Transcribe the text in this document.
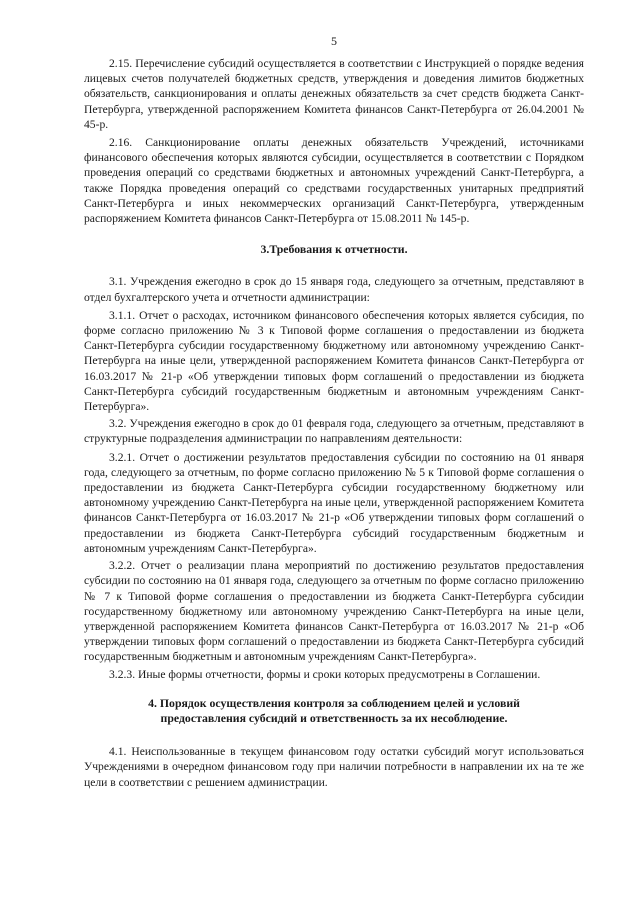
5

2.15. Перечисление субсидий осуществляется в соответствии с Инструкцией о порядке ведения лицевых счетов получателей бюджетных средств, утверждения и доведения лимитов бюджетных обязательств, санкционирования и оплаты денежных обязательств за счет средств бюджета Санкт-Петербурга, утвержденной распоряжением Комитета финансов Санкт-Петербурга от 26.04.2001 № 45-р.

2.16. Санкционирование оплаты денежных обязательств Учреждений, источниками финансового обеспечения которых являются субсидии, осуществляется в соответствии с Порядком проведения операций со средствами бюджетных и автономных учреждений Санкт-Петербурга, а также Порядка проведения операций со средствами государственных унитарных предприятий Санкт-Петербурга и иных некоммерческих организаций Санкт-Петербурга, утвержденным распоряжением Комитета финансов Санкт-Петербурга от 15.08.2011 № 145-р.

3.Требования к отчетности.

3.1. Учреждения ежегодно в срок до 15 января года, следующего за отчетным, представляют в отдел бухгалтерского учета и отчетности администрации:

3.1.1. Отчет о расходах, источником финансового обеспечения которых является субсидия, по форме согласно приложению № 3 к Типовой форме соглашения о предоставлении из бюджета Санкт-Петербурга субсидии государственному бюджетному или автономному учреждению Санкт-Петербурга на иные цели, утвержденной распоряжением Комитета финансов Санкт-Петербурга от 16.03.2017 № 21-р «Об утверждении типовых форм соглашений о предоставлении из бюджета Санкт-Петербурга субсидий государственным бюджетным и автономным учреждениям Санкт-Петербурга».

3.2. Учреждения ежегодно в срок до 01 февраля года, следующего за отчетным, представляют в структурные подразделения администрации по направлениям деятельности:

3.2.1. Отчет о достижении результатов предоставления субсидии по состоянию на 01 января года, следующего за отчетным, по форме согласно приложению № 5 к Типовой форме соглашения о предоставлении из бюджета Санкт-Петербурга субсидии государственному бюджетному или автономному учреждению Санкт-Петербурга на иные цели, утвержденной распоряжением Комитета финансов Санкт-Петербурга от 16.03.2017 № 21-р «Об утверждении типовых форм соглашений о предоставлении из бюджета Санкт-Петербурга субсидий государственным бюджетным и автономным учреждениям Санкт-Петербурга».

3.2.2. Отчет о реализации плана мероприятий по достижению результатов предоставления субсидии по состоянию на 01 января года, следующего за отчетным по форме согласно приложению № 7 к Типовой форме соглашения о предоставлении из бюджета Санкт-Петербурга субсидии государственному бюджетному или автономному учреждению Санкт-Петербурга на иные цели, утвержденной распоряжением Комитета финансов Санкт-Петербурга от 16.03.2017 № 21-р «Об утверждении типовых форм соглашений о предоставлении из бюджета Санкт-Петербурга субсидий государственным бюджетным и автономным учреждениям Санкт-Петербурга».

3.2.3. Иные формы отчетности, формы и сроки которых предусмотрены в Соглашении.

4. Порядок осуществления контроля за соблюдением целей и условий
предоставления субсидий и ответственность за их несоблюдение.

4.1. Неиспользованные в текущем финансовом году остатки субсидий могут использоваться Учреждениями в очередном финансовом году при наличии потребности в направлении их на те же цели в соответствии с решением администрации.
